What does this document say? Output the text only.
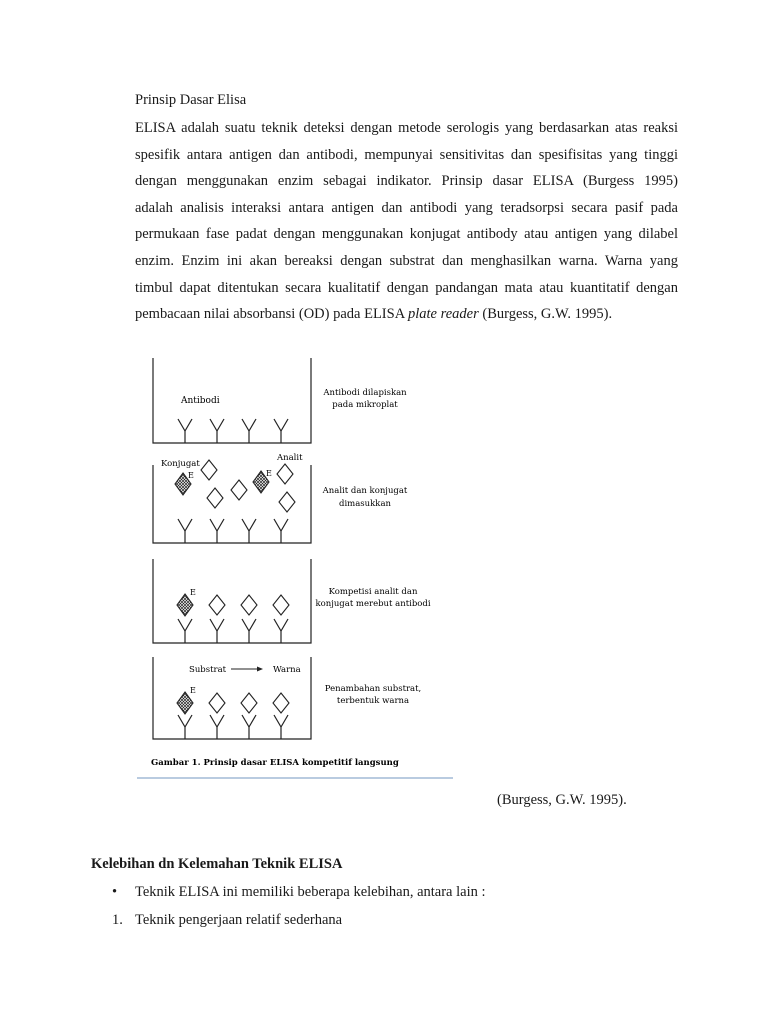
Prinsip Dasar Elisa

ELISA adalah suatu teknik deteksi dengan metode serologis yang berdasarkan atas reaksi
spesifik antara antigen dan antibodi, mempunyai sensitivitas dan spesifisitas yang tinggi
dengan menggunakan enzim sebagai indikator. Prinsip dasar ELISA (Burgess 1995)
adalah analisis interaksi antara antigen dan antibodi yang teradsorpsi secara pasif pada
permukaan fase padat dengan menggunakan konjugat antibody atau antigen yang dilabel
enzim. Enzim ini akan bereaksi dengan substrat dan menghasilkan warna. Warna yang
timbul dapat ditentukan secara kualitatif dengan pandangan mata atau kuantitatif dengan
pembacaan nilai absorbansi (OD) pada ELISA plate reader (Burgess, G.W. 1995).

Antibodi
Antibodi dilapiskan
pada mikroplat
Konjugat
Analit
E	E
Analit dan konjugat
dimasukkan
E	Kompetisi analit dan
konjugat merebut antibodi
Substrat	Warna
E	Penambahan substrat,
terbentuk warna
Gambar 1. Prinsip dasar ELISA kompetitif langsung
(Burgess, G.W. 1995).
Kelebihan dn Kelemahan Teknik ELISA
• Teknik ELISA ini memiliki beberapa kelebihan, antara lain :
1. Teknik pengerjaan relatif sederhana
